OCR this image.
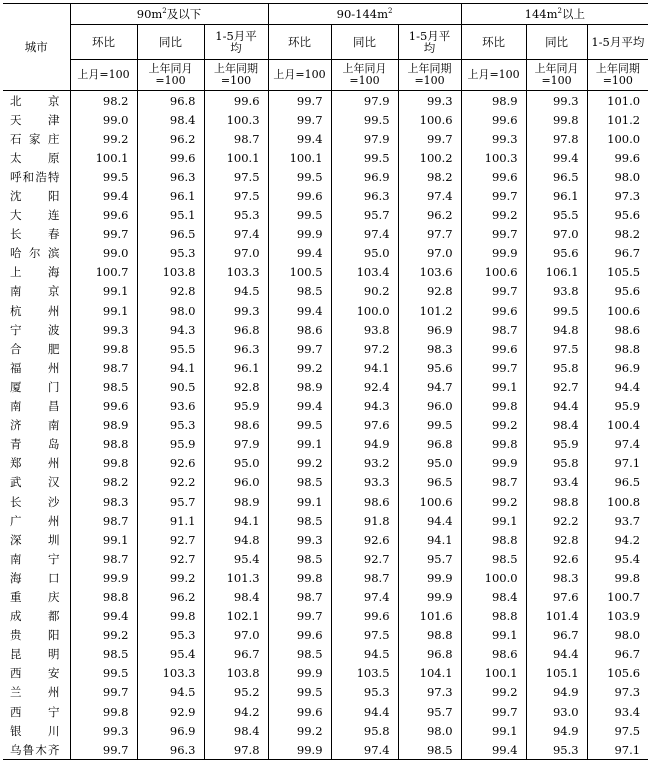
城市	$90m^2$及以下			$90-144m^2$			$144m^2$以上		
	环比	同比	1-5月平均	环比	同比	1-5月平均	环比	同比	1-5月平均
	上月=100	上年同月=100	上年同期=100	上月=100	上年同月=100	上年同期=100	上月=100	上年同月=100	上年同期=100
北京	98.2	96.8	99.6	99.7	97.9	99.3	98.9	99.3	101.0
天津	99.0	98.4	100.3	99.7	99.5	100.6	99.6	99.8	101.2
石家庄	99.2	96.2	98.7	99.4	97.9	99.7	99.3	97.8	100.0
太原	100.1	99.6	100.1	100.1	99.5	100.2	100.3	99.4	99.6
呼和浩特	99.5	96.3	97.5	99.5	96.9	98.2	99.6	96.5	98.0
沈阳	99.4	96.1	97.5	99.6	96.3	97.4	99.7	96.1	97.3
大连	99.6	95.1	95.3	99.5	95.7	96.2	99.2	95.5	95.6
长春	99.7	96.5	97.4	99.9	97.4	97.7	99.7	97.0	98.2
哈尔滨	99.0	95.3	97.0	99.4	95.0	97.0	99.9	95.6	96.7
上海	100.7	103.8	103.3	100.5	103.4	103.6	100.6	106.1	105.5
南京	99.1	92.8	94.5	98.5	90.2	92.8	99.7	93.8	95.6
杭州	99.1	98.0	99.3	99.4	100.0	101.2	99.6	99.5	100.6
宁波	99.3	94.3	96.8	98.6	93.8	96.9	98.7	94.8	98.6
合肥	99.8	95.5	96.3	99.7	97.2	98.3	99.6	97.5	98.8
福州	98.7	94.1	96.1	99.2	94.1	95.6	99.7	95.8	96.9
厦门	98.5	90.5	92.8	98.9	92.4	94.7	99.1	92.7	94.4
南昌	99.6	93.6	95.9	99.4	94.3	96.0	99.8	94.4	95.9
济南	98.9	95.3	98.6	99.5	97.6	99.5	99.2	98.4	100.4
青岛	98.8	95.9	97.9	99.1	94.9	96.8	99.8	95.9	97.4
郑州	99.8	92.6	95.0	99.2	93.2	95.0	99.9	95.8	97.1
武汉	98.2	92.2	96.0	98.5	93.3	96.5	98.7	93.4	96.5
长沙	98.3	95.7	98.9	99.1	98.6	100.6	99.2	98.8	100.8
广州	98.7	91.1	94.1	98.5	91.8	94.4	99.1	92.2	93.7
深圳	99.1	92.7	94.8	99.3	92.6	94.1	98.8	92.8	94.2
南宁	98.7	92.7	95.4	98.5	92.7	95.7	98.5	92.6	95.4
海口	99.9	99.2	101.3	99.8	98.7	99.9	100.0	98.3	99.8
重庆	98.8	96.2	98.4	98.7	97.4	99.9	98.4	97.6	100.7
成都	99.4	99.8	102.1	99.7	99.6	101.6	98.8	101.4	103.9
贵阳	99.2	95.3	97.0	99.6	97.5	98.8	99.1	96.7	98.0
昆明	98.5	95.4	96.7	98.5	94.5	96.8	98.6	94.4	96.7
西安	99.5	103.3	103.8	99.9	103.5	104.1	100.1	105.1	105.6
兰州	99.7	94.5	95.2	99.5	95.3	97.3	99.2	94.9	97.3
西宁	99.8	92.9	94.2	99.6	94.4	95.7	99.7	93.0	93.4
银川	99.3	96.9	98.4	99.2	95.8	98.0	99.1	94.9	97.5
乌鲁木齐	99.7	96.3	97.8	99.9	97.4	98.5	99.4	95.3	97.1
